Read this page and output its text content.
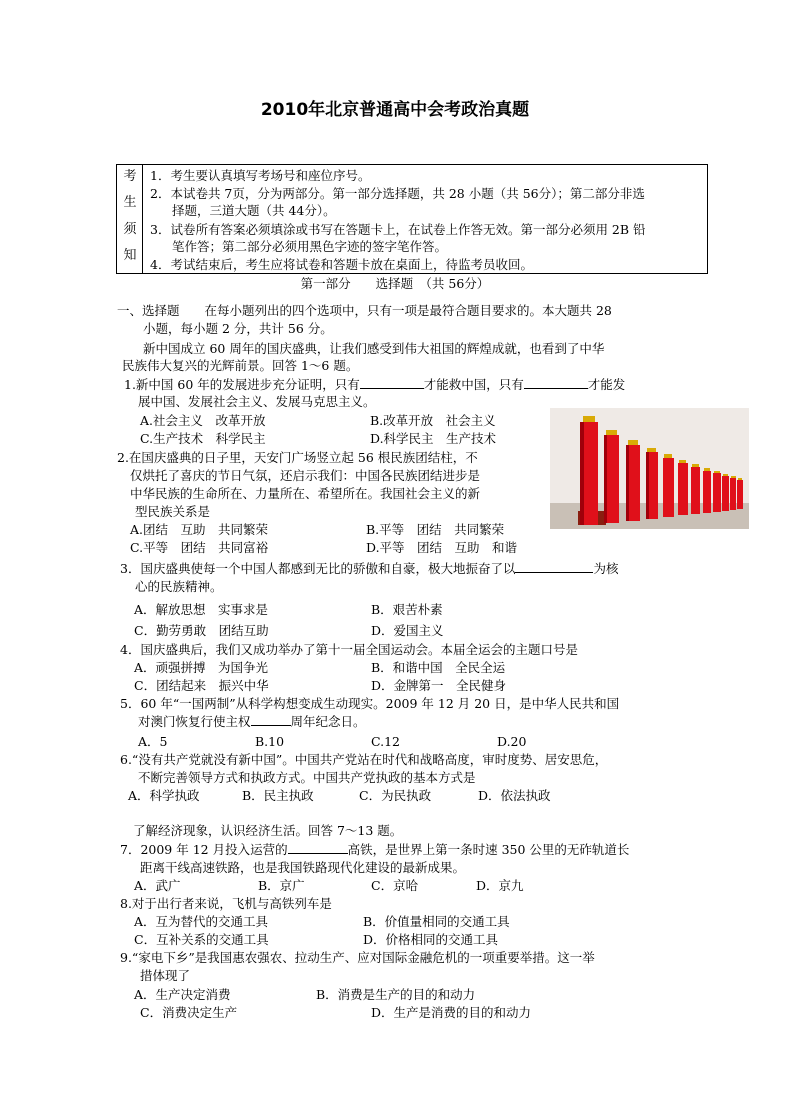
2010年北京普通高中会考政治真题
考
生
须
知
1．考生要认真填写考场号和座位序号。
2．本试卷共 7页，分为两部分。第一部分选择题，共 28 小题（共 56分）；第二部分非选
择题，三道大题（共 44分）。
3．试卷所有答案必须填涂或书写在答题卡上，在试卷上作答无效。第一部分必须用 2B 铅
笔作答；第二部分必须用黑色字迹的签字笔作答。
4．考试结束后，考生应将试卷和答题卡放在桌面上，待监考员收回。
第一部分　　选择题　（共 56分）
一、选择题　　在每小题列出的四个选项中，只有一项是最符合题目要求的。本大题共 28
小题，每小题 2 分，共计 56 分。
新中国成立 60 周年的国庆盛典，让我们感受到伟大祖国的辉煌成就，也看到了中华
民族伟大复兴的光辉前景。回答 1～6 题。
1.新中国 60 年的发展进步充分证明，只有	才能救中国，只有	才能发
展中国、发展社会主义、发展马克思主义。
A.社会主义　改革开放	B.改革开放　社会主义
C.生产技术　科学民主	D.科学民主　生产技术
2.在国庆盛典的日子里，天安门广场竖立起 56 根民族团结柱，不
仅烘托了喜庆的节日气氛，还启示我们：中国各民族团结进步是
中华民族的生命所在、力量所在、希望所在。我国社会主义的新
型民族关系是
A.团结　互助　共同繁荣	B.平等　团结　共同繁荣
C.平等　团结　共同富裕	D.平等　团结　互助　和谐
3．国庆盛典使每一个中国人都感到无比的骄傲和自豪，极大地振奋了以	为核
心的民族精神。
A．解放思想　实事求是	B．艰苦朴素
C．勤劳勇敢　团结互助	D．爱国主义
4．国庆盛典后，我们又成功举办了第十一届全国运动会。本届全运会的主题口号是
A．顽强拼搏　为国争光	B．和谐中国　全民全运
C．团结起来　振兴中华	D．金牌第一　全民健身
5．60 年“一国两制”从科学构想变成生动现实。2009 年 12 月 20 日，是中华人民共和国
对澳门恢复行使主权	周年纪念日。
A．5	B.10	C.12	D.20
6.“没有共产党就没有新中国”。中国共产党站在时代和战略高度，审时度势、居安思危，
不断完善领导方式和执政方式。中国共产党执政的基本方式是
A．科学执政	B．民主执政	C．为民执政	D．依法执政
了解经济现象，认识经济生活。回答 7～13 题。
7．2009 年 12 月投入运营的	高铁，是世界上第一条时速 350 公里的无砟轨道长
距离干线高速铁路，也是我国铁路现代化建设的最新成果。
A．武广	B．京广	C．京哈	D．京九
8.对于出行者来说，飞机与高铁列车是
A．互为替代的交通工具	B．价值量相同的交通工具
C．互补关系的交通工具	D．价格相同的交通工具
9.“家电下乡”是我国惠农强农、拉动生产、应对国际金融危机的一项重要举措。这一举
措体现了
A．生产决定消费	B．消费是生产的目的和动力
C．消费决定生产	D．生产是消费的目的和动力
